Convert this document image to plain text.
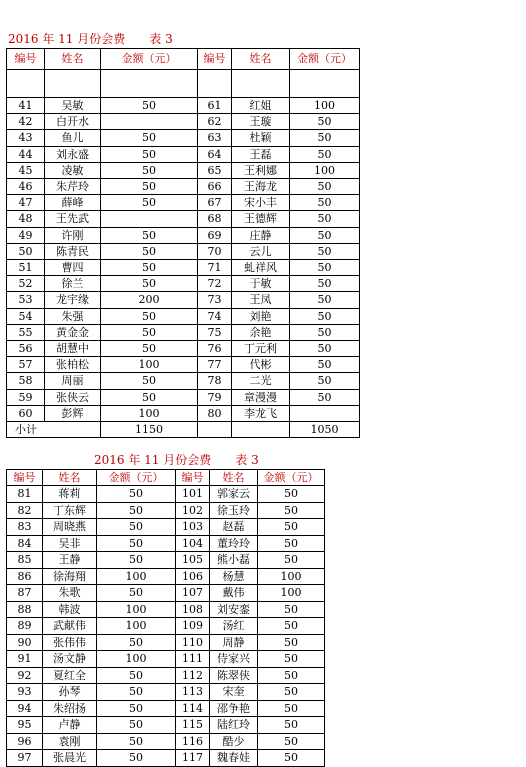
2016 年 11 月份会费　　表 3
编号	姓名	金额（元）	编号	姓名	金额（元）

41	吴敏	50	61	红姐	100
42	白开水		62	王璇	50
43	鱼儿	50	63	杜颖	50
44	刘永盛	50	64	王磊	50
45	凌敏	50	65	王利娜	100
46	朱芹玲	50	66	王海龙	50
47	薛峰	50	67	宋小丰	50
48	王先武		68	王德辉	50
49	许刚	50	69	庄静	50
50	陈青民	50	70	云儿	50
51	曹四	50	71	虬祥风	50
52	徐兰	50	72	于敏	50
53	龙宇缘	200	73	王凤	50
54	朱强	50	74	刘艳	50
55	黄金金	50	75	余艳	50
56	胡慧中	50	76	丁元利	50
57	张柏松	100	77	代彬	50
58	周丽	50	78	二光	50
59	张侠云	50	79	章漫漫	50
60	彭辉	100	80	李龙飞	
小计		1150			1050
2016 年 11 月份会费　　表 3
编号	姓名	金额（元）	编号	姓名	金额（元）
81	蒋莉	50	101	郭家云	50
82	丁东辉	50	102	徐玉玲	50
83	周晓燕	50	103	赵磊	50
84	吴非	50	104	董玲玲	50
85	王静	50	105	熊小磊	50
86	徐海翔	100	106	杨慧	100
87	朱歌	50	107	戴伟	100
88	韩波	100	108	刘安銮	50
89	武献伟	100	109	汤红	50
90	张伟伟	50	110	周静	50
91	汤文静	100	111	侍家兴	50
92	夏红全	50	112	陈翠侠	50
93	孙琴	50	113	宋奎	50
94	朱绍扬	50	114	邵争艳	50
95	卢静	50	115	陆红玲	50
96	袁刚	50	116	酷少	50
97	张晨光	50	117	魏春娃	50
